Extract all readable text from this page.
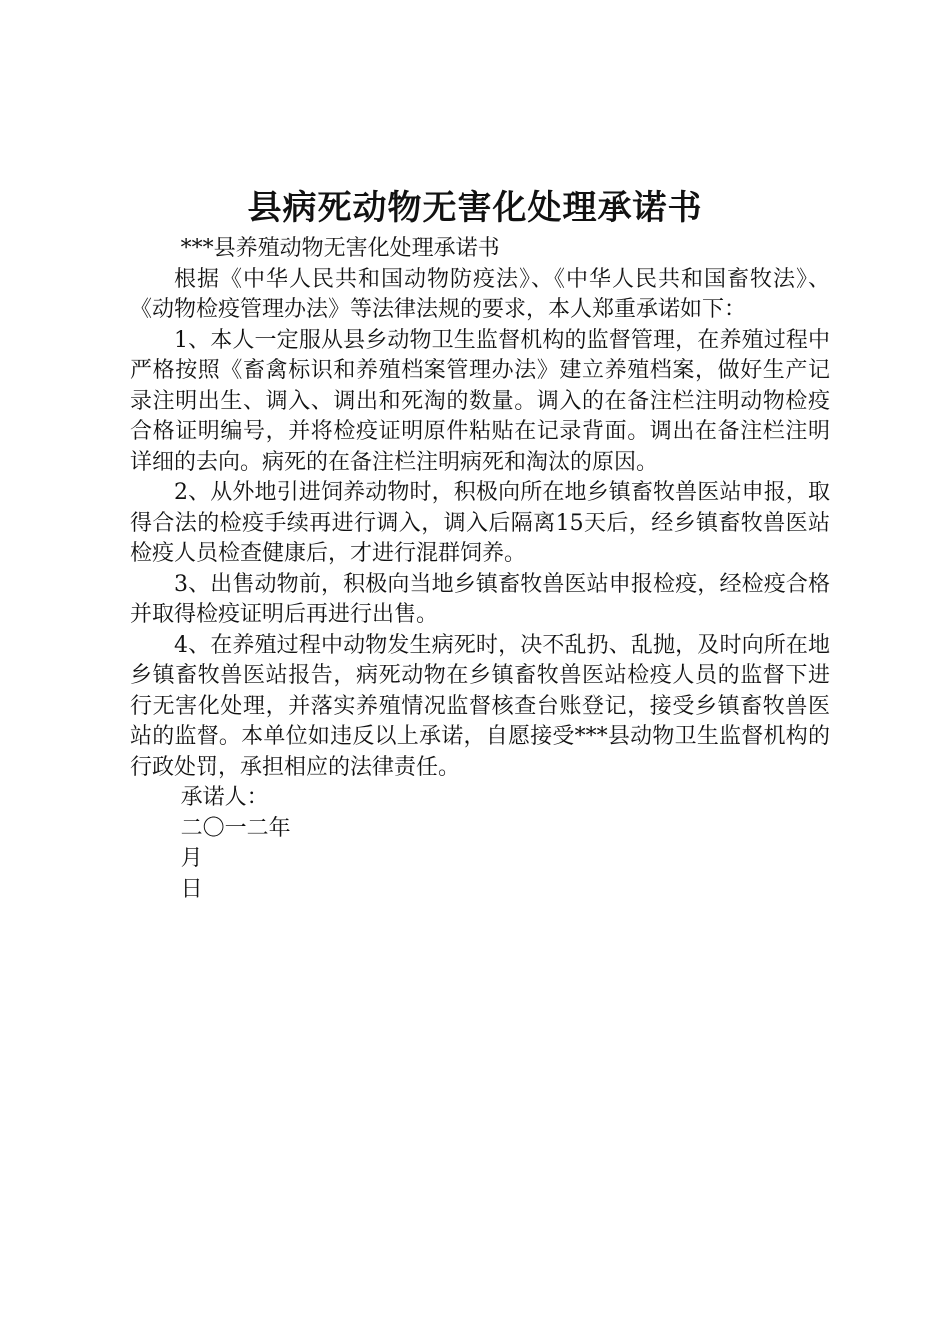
县病死动物无害化处理承诺书

***县养殖动物无害化处理承诺书

根据《中华人民共和国动物防疫法》、《中华人民共和国畜牧法》、《动物检疫管理办法》等法律法规的要求，本人郑重承诺如下：

1、本人一定服从县乡动物卫生监督机构的监督管理，在养殖过程中严格按照《畜禽标识和养殖档案管理办法》建立养殖档案，做好生产记录注明出生、调入、调出和死淘的数量。调入的在备注栏注明动物检疫合格证明编号，并将检疫证明原件粘贴在记录背面。调出在备注栏注明详细的去向。病死的在备注栏注明病死和淘汰的原因。

2、从外地引进饲养动物时，积极向所在地乡镇畜牧兽医站申报，取得合法的检疫手续再进行调入，调入后隔离15天后，经乡镇畜牧兽医站检疫人员检查健康后，才进行混群饲养。

3、出售动物前，积极向当地乡镇畜牧兽医站申报检疫，经检疫合格并取得检疫证明后再进行出售。

4、在养殖过程中动物发生病死时，决不乱扔、乱抛，及时向所在地乡镇畜牧兽医站报告，病死动物在乡镇畜牧兽医站检疫人员的监督下进行无害化处理，并落实养殖情况监督核查台账登记，接受乡镇畜牧兽医站的监督。本单位如违反以上承诺，自愿接受***县动物卫生监督机构的行政处罚，承担相应的法律责任。

承诺人：

二〇一二年

月

日
